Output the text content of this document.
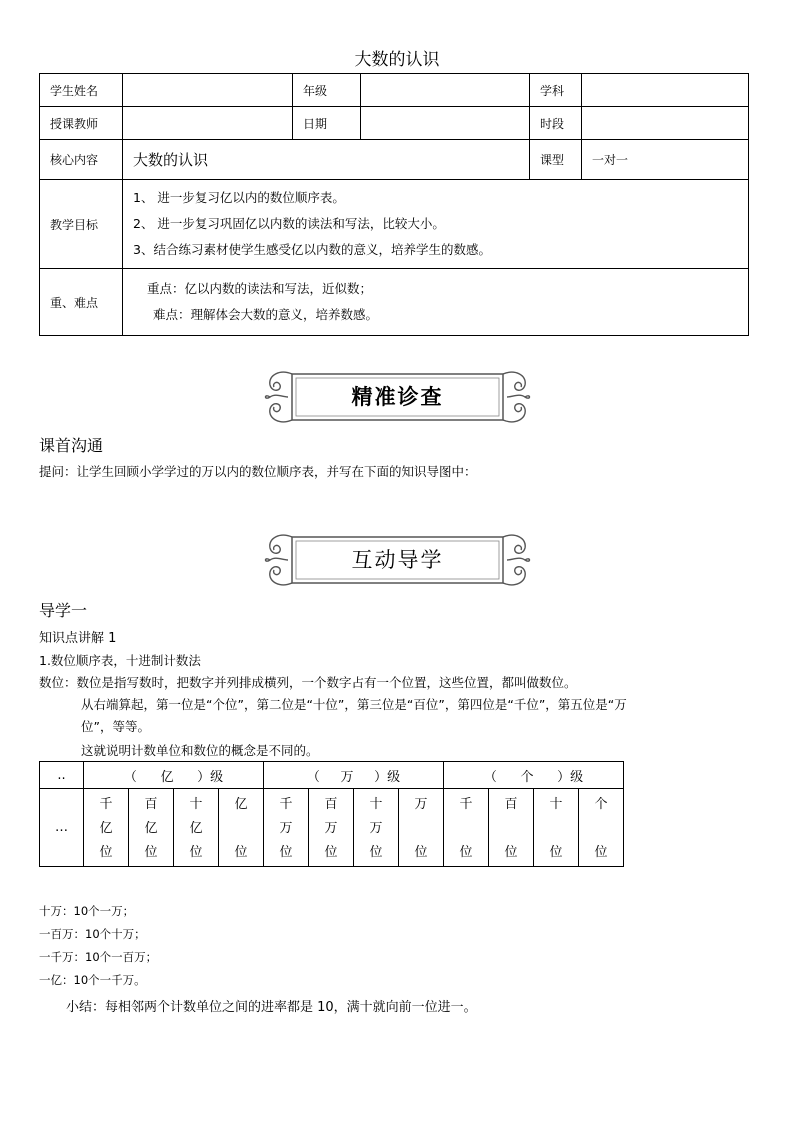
大数的认识
学生姓名		年级		学科	
授课教师		日期		时段	
核心内容	大数的认识			课型	一对一
教学目标	1、 进一步复习亿以内的数位顺序表。
2、 进一步复习巩固亿以内数的读法和写法，比较大小。
3、结合练习素材使学生感受亿以内数的意义，培养学生的数感。				

重、难点	重点：亿以内数的读法和写法，近似数；
难点：理解体会大数的意义，培养数感。				
精准诊查
课首沟通
提问：让学生回顾小学学过的万以内的数位顺序表，并写在下面的知识导图中：
互动导学
导学一
知识点讲解 1
1.数位顺序表，十进制计数法
数位：数位是指写数时，把数字并列排成横列，一个数字占有一个位置，这些位置，都叫做数位。
从右端算起，第一位是“个位”，第二位是“十位”，第三位是“百位”，第四位是“千位”，第五位是“万
位”，等等。
这就说明计数单位和数位的概念是不同的。
..	（ 亿 ）级				（ 万 ）级				（ 个 ）级			
…	千
亿
位	百
亿
位	十
亿
位	亿
位	千
万
位	百
万
位	十
万
位	万
位	千
位	百
位	十
位	个
位
十万：10个一万；
一百万：10个十万；
一千万：10个一百万；
一亿：10个一千万。
小结：每相邻两个计数单位之间的进率都是 10，满十就向前一位进一。
